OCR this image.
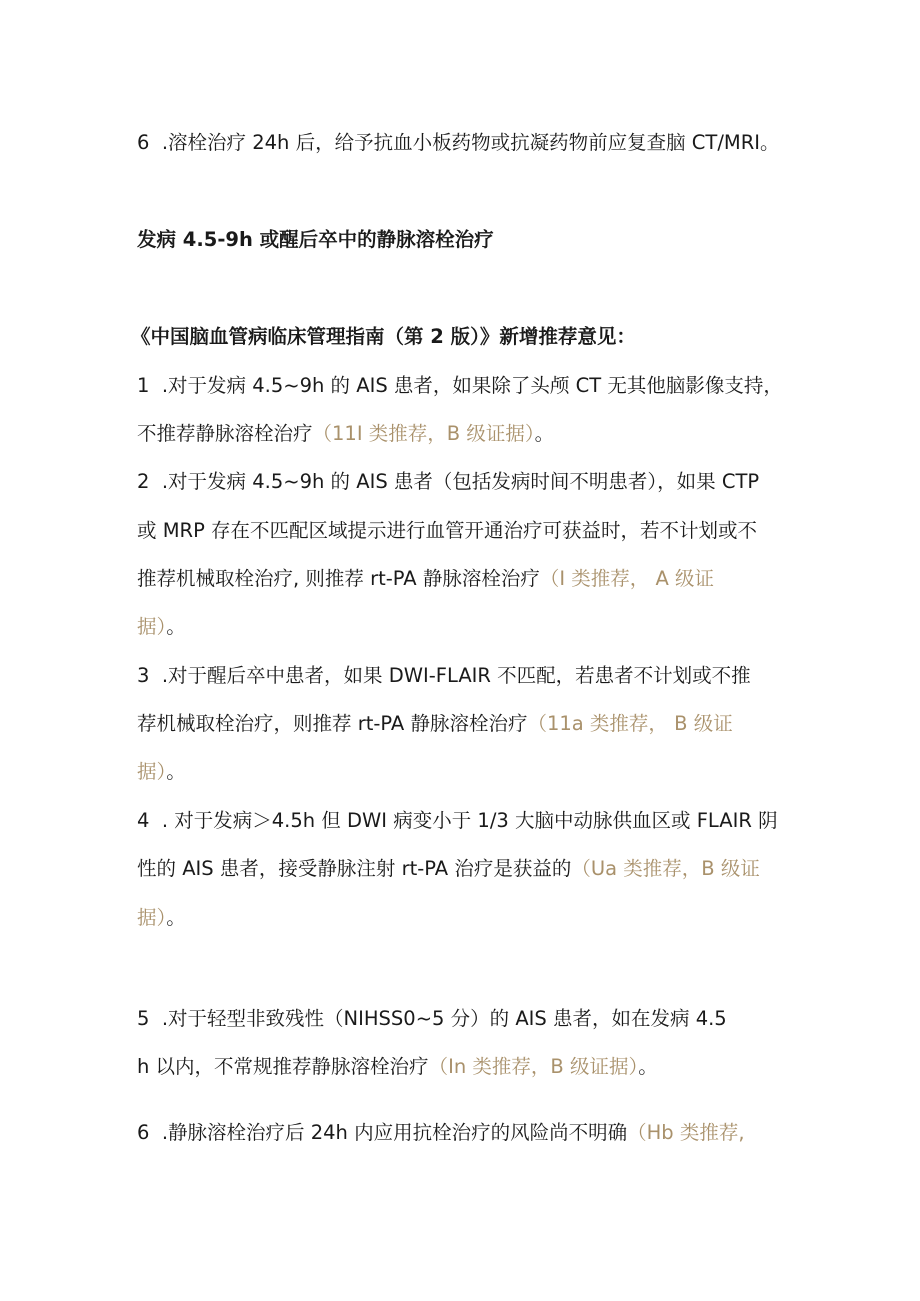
6 .溶栓治疗 24h 后，给予抗血小板药物或抗凝药物前应复查脑 CT/MRI。
发病 4.5-9h 或醒后卒中的静脉溶栓治疗
《中国脑血管病临床管理指南（第 2 版）》新增推荐意见：
1 .对于发病 4.5~9h 的 AIS 患者，如果除了头颅 CT 无其他脑影像支持，
不推荐静脉溶栓治疗（11I 类推荐，B 级证据）。
2 .对于发病 4.5~9h 的 AIS 患者（包括发病时间不明患者），如果 CTP
或 MRP 存在不匹配区域提示进行血管开通治疗可获益时，若不计划或不
推荐机械取栓治疗, 则推荐 rt-PA 静脉溶栓治疗（I 类推荐， A 级证
据）。
3 .对于醒后卒中患者，如果 DWI-FLAIR 不匹配，若患者不计划或不推
荐机械取栓治疗，则推荐 rt-PA 静脉溶栓治疗（11a 类推荐， B 级证
据）。
4 . 对于发病＞4.5h 但 DWI 病变小于 1/3 大脑中动脉供血区或 FLAIR 阴
性的 AIS 患者，接受静脉注射 rt-PA 治疗是获益的（Ua 类推荐，B 级证
据）。
5 .对于轻型非致残性（NIHSS0~5 分）的 AIS 患者，如在发病 4.5
h 以内，不常规推荐静脉溶栓治疗（In 类推荐，B 级证据）。
6 .静脉溶栓治疗后 24h 内应用抗栓治疗的风险尚不明确（Hb 类推荐,
